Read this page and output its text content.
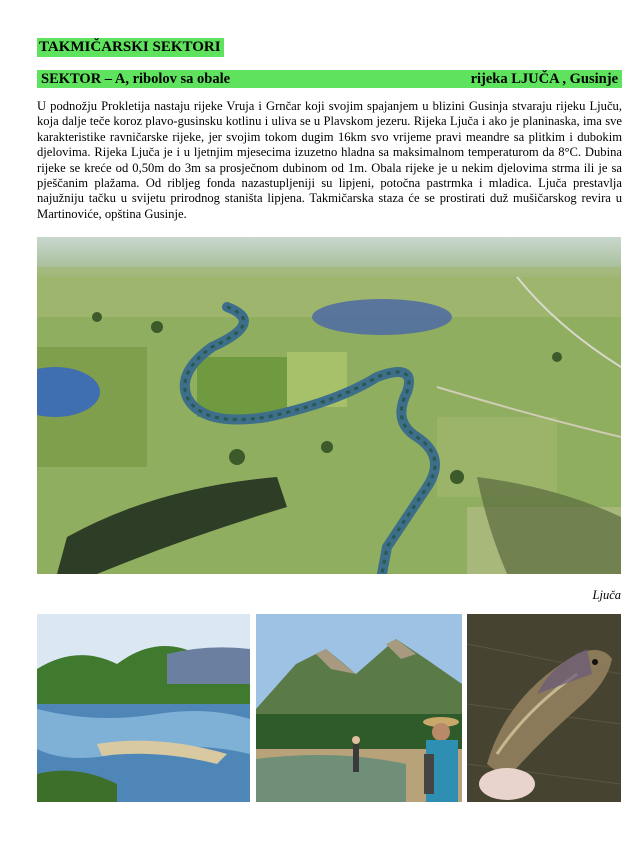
TAKMIČARSKI SEKTORI
SEKTOR – A, ribolov sa obale	rijeka LJUČA , Gusinje
U podnožju Prokletija nastaju rijeke Vruja i Grnčar koji svojim spajanjem u blizini Gusinja stvaraju rijeku Ljuču, koja dalje teče koroz plavo-gusinsku kotlinu i uliva se u Plavskom jezeru. Rijeka Ljuča i ako je planinaska, ima sve karakteristike ravničarske rijeke, jer svojim tokom dugim 16km svo vrijeme pravi meandre sa plitkim i dubokim djelovima. Rijeka Ljuča je i u ljetnjim mjesecima izuzetno hladna sa maksimalnom temperaturom da 8°C. Dubina rijeke se kreće od 0,50m do 3m sa prosječnom dubinom od 1m. Obala rijeke je u nekim djelovima strma ili je sa pješčanim plažama. Od ribljeg fonda nazastupljeniji su lipjeni, potočna pastrmka i mladica. Ljuča prestavlja najužniju tačku u svijetu prirodnog staništa lipjena. Takmičarska staza će se prostirati duž mušičarskog revira u Martinoviće, opština Gusinje.
Ljuča
